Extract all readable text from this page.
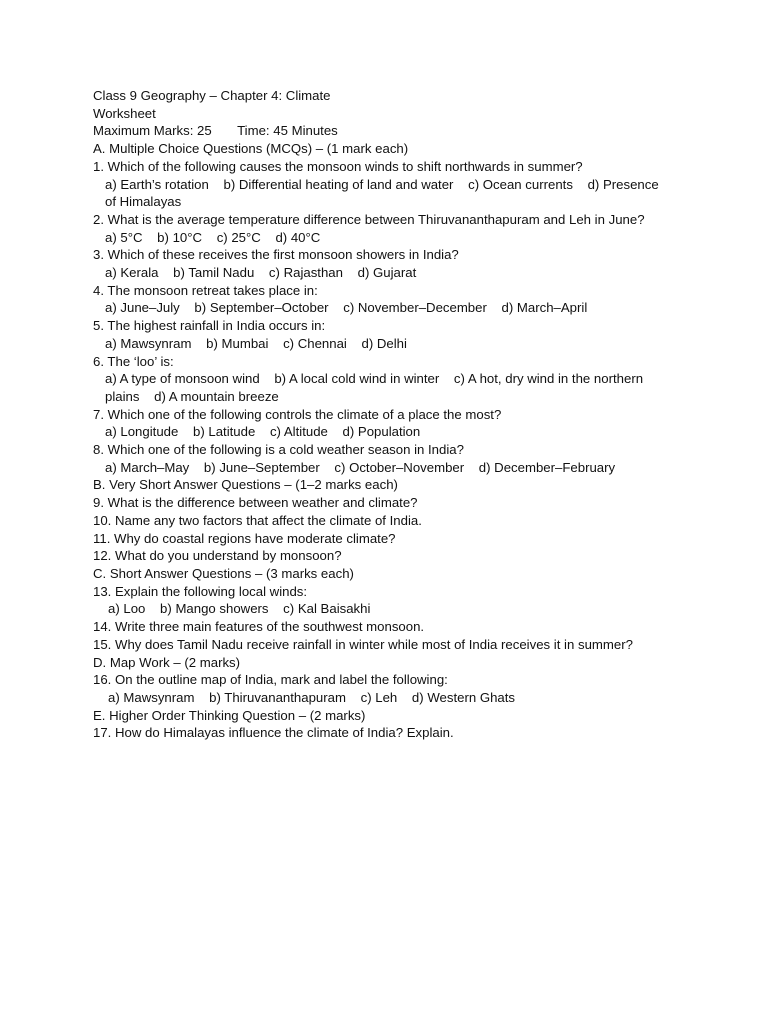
Class 9 Geography – Chapter 4: Climate

Worksheet

Maximum Marks: 25       Time: 45 Minutes

A. Multiple Choice Questions (MCQs) – (1 mark each)

1. Which of the following causes the monsoon winds to shift northwards in summer?

a) Earth’s rotation    b) Differential heating of land and water    c) Ocean currents    d) Presence of Himalayas

2. What is the average temperature difference between Thiruvananthapuram and Leh in June?

a) 5°C    b) 10°C    c) 25°C    d) 40°C

3. Which of these receives the first monsoon showers in India?

a) Kerala    b) Tamil Nadu    c) Rajasthan    d) Gujarat

4. The monsoon retreat takes place in:

a) June–July    b) September–October    c) November–December    d) March–April

5. The highest rainfall in India occurs in:

a) Mawsynram    b) Mumbai    c) Chennai    d) Delhi

6. The ‘loo’ is:

a) A type of monsoon wind    b) A local cold wind in winter    c) A hot, dry wind in the northern plains    d) A mountain breeze

7. Which one of the following controls the climate of a place the most?

a) Longitude    b) Latitude    c) Altitude    d) Population

8. Which one of the following is a cold weather season in India?

a) March–May    b) June–September    c) October–November    d) December–February

B. Very Short Answer Questions – (1–2 marks each)

9. What is the difference between weather and climate?

10. Name any two factors that affect the climate of India.

11. Why do coastal regions have moderate climate?

12. What do you understand by monsoon?

C. Short Answer Questions – (3 marks each)

13. Explain the following local winds:

a) Loo    b) Mango showers    c) Kal Baisakhi

14. Write three main features of the southwest monsoon.

15. Why does Tamil Nadu receive rainfall in winter while most of India receives it in summer?

D. Map Work – (2 marks)

16. On the outline map of India, mark and label the following:

a) Mawsynram    b) Thiruvananthapuram    c) Leh    d) Western Ghats

E. Higher Order Thinking Question – (2 marks)

17. How do Himalayas influence the climate of India? Explain.
